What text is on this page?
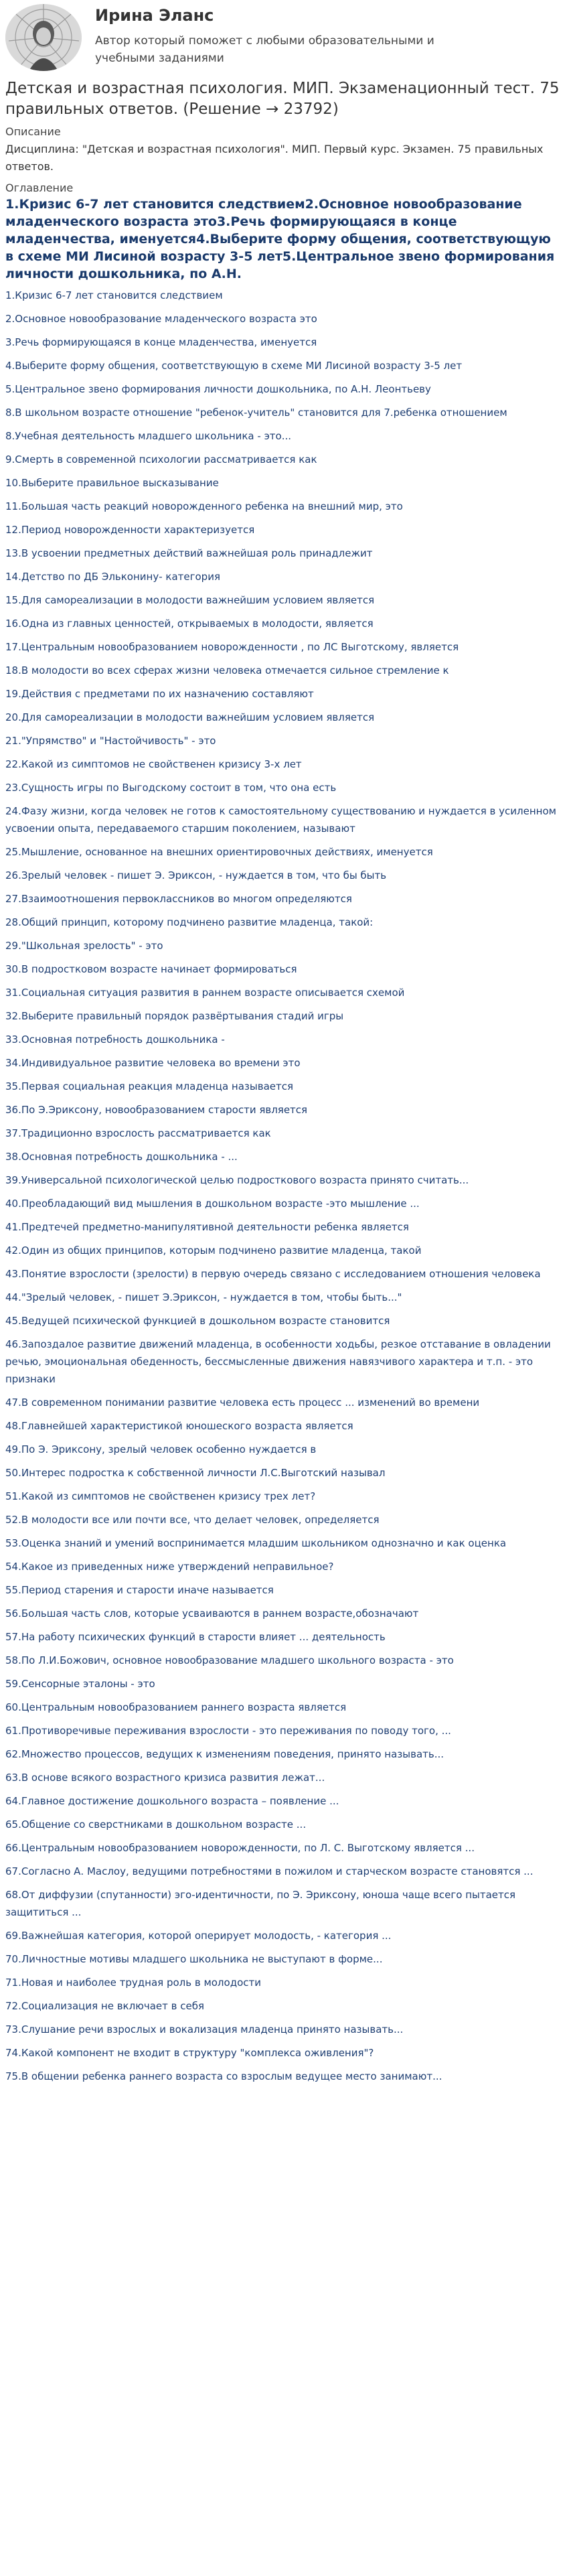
Ирина Эланс
Автор который поможет с любыми образовательными и учебными заданиями
Детская и возрастная психология. МИП. Экзаменационный тест. 75 правильных ответов. (Решение → 23792)
Описание
Дисциплина: "Детская и возрастная психология". МИП. Первый курс. Экзамен. 75 правильных ответов.
Оглавление
1.Кризис 6-7 лет становится следствием2.Основное новообразование младенческого возраста это3.Речь формирующаяся в конце младенчества, именуется4.Выберите форму общения, соответствующую в схеме МИ Лисиной возрасту 3-5 лет5.Центральное звено формирования личности дошкольника, по А.Н.
1.Кризис 6-7 лет становится следствием
2.Основное новообразование младенческого возраста это
3.Речь формирующаяся в конце младенчества, именуется
4.Выберите форму общения, соответствующую в схеме МИ Лисиной возрасту 3-5 лет
5.Центральное звено формирования личности дошкольника, по А.Н. Леонтьеву
8.В школьном возрасте отношение "ребенок-учитель" становится для 7.ребенка отношением
8.Учебная деятельность младшего школьника - это...
9.Смерть в современной психологии рассматривается как
10.Выберите правильное высказывание
11.Большая часть реакций новорожденного ребенка на внешний мир, это
12.Период новорожденности характеризуется
13.В усвоении предметных действий важнейшая роль принадлежит
14.Детство по ДБ Эльконину- категория
15.Для самореализации в молодости важнейшим условием является
16.Одна из главных ценностей, открываемых в молодости, является
17.Центральным новообразованием новорожденности , по ЛС Выготскому, является
18.В молодости во всех сферах жизни человека отмечается сильное стремление к
19.Действия с предметами по их назначению составляют
20.Для самореализации в молодости важнейшим условием является
21."Упрямство" и "Настойчивость" - это
22.Какой из симптомов не свойственен кризису 3-х лет
23.Сущность игры по Выгодскому состоит в том, что она есть
24.Фазу жизни, когда человек не готов к самостоятельному существованию и нуждается в усиленном усвоении опыта, передаваемого старшим поколением, называют
25.Мышление, основанное на внешних ориентировочных действиях, именуется
26.Зрелый человек - пишет Э. Эриксон, - нуждается в том, что бы быть
27.Взаимоотношения первоклассников во многом определяются
28.Общий принцип, которому подчинено развитие младенца, такой:
29."Школьная зрелость" - это
30.В подростковом возрасте начинает формироваться
31.Социальная ситуация развития в раннем возрасте описывается схемой
32.Выберите правильный порядок развёртывания стадий игры
33.Основная потребность дошкольника -
34.Индивидуальное развитие человека во времени это
35.Первая социальная реакция младенца называется
36.По Э.Эриксону, новообразованием старости является
37.Традиционно взрослость рассматривается как
38.Основная потребность дошкольника - ...
39.Универсальной психологической целью подросткового возраста принято считать...
40.Преобладающий вид мышления в дошкольном возрасте -это мышление ...
41.Предтечей предметно-манипулятивной деятельности ребенка является
42.Один из общих принципов, которым подчинено развитие младенца, такой
43.Понятие взрослости (зрелости) в первую очередь связано с исследованием отношения человека
44."Зрелый человек, - пишет Э.Эриксон, - нуждается в том, чтобы быть..."
45.Ведущей психической функцией в дошкольном возрасте становится
46.Запоздалое развитие движений младенца, в особенности ходьбы, резкое отставание в овладении речью, эмоциональная обеденность, бессмысленные движения навязчивого характера и т.п. - это признаки
47.В современном понимании развитие человека есть процесс ... изменений во времени
48.Главнейшей характеристикой юношеского возраста является
49.По Э. Эриксону, зрелый человек особенно нуждается в
50.Интерес подростка к собственной личности Л.С.Выготский называл
51.Какой из симптомов не свойственен кризису трех лет?
52.В молодости все или почти все, что делает человек, определяется
53.Оценка знаний и умений воспринимается младшим школьником однозначно и как оценка
54.Какое из приведенных ниже утверждений неправильное?
55.Период старения и старости иначе называется
56.Большая часть слов, которые усваиваются в раннем возрасте,обозначают
57.На работу психических функций в старости влияет ... деятельность
58.По Л.И.Божович, основное новообразование младшего школьного возраста - это
59.Сенсорные эталоны - это
60.Центральным новообразованием раннего возраста является
61.Противоречивые переживания взрослости - это переживания по поводу того, ...
62.Множество процессов, ведущих к изменениям поведения, принято называть...
63.В основе всякого возрастного кризиса развития лежат...
64.Главное достижение дошкольного возраста – появление ...
65.Общение со сверстниками в дошкольном возрасте ...
66.Центральным новообразованием новорожденности, по Л. С. Выготскому является ...
67.Согласно А. Маслоу, ведущими потребностями в пожилом и старческом возрасте становятся ...
68.От диффузии (спутанности) эго-идентичности, по Э. Эриксону, юноша чаще всего пытается защититься ...
69.Важнейшая категория, которой оперирует молодость, - категория ...
70.Личностные мотивы младшего школьника не выступают в форме...
71.Новая и наиболее трудная роль в молодости
72.Социализация не включает в себя
73.Слушание речи взрослых и вокализация младенца принято называть...
74.Какой компонент не входит в структуру "комплекса оживления"?
75.В общении ребенка раннего возраста со взрослым ведущее место занимают...
